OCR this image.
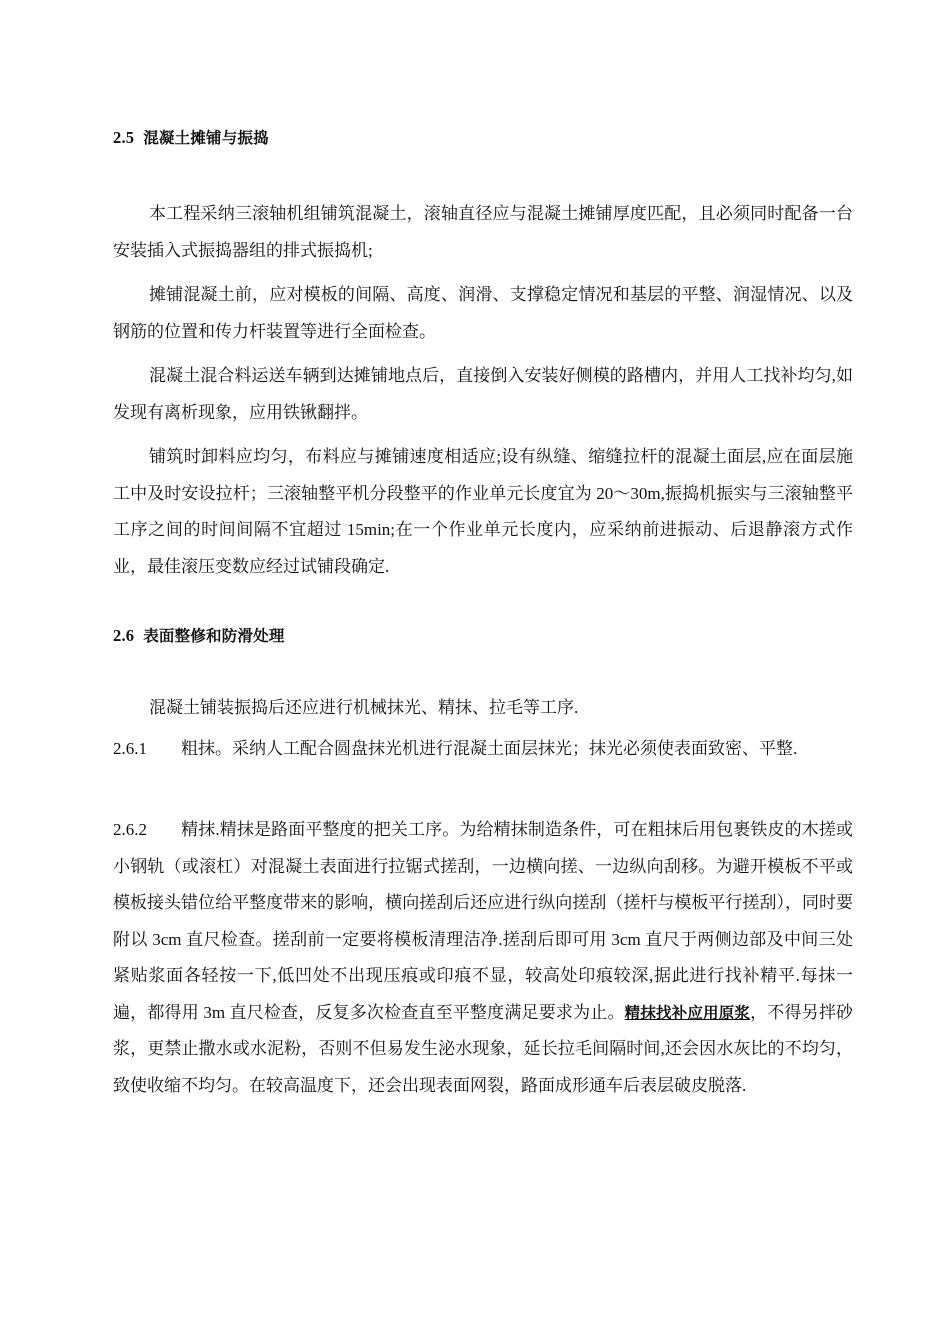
2.5 混凝土摊铺与振捣
本工程采纳三滚轴机组铺筑混凝土，滚轴直径应与混凝土摊铺厚度匹配，且必须同时配备一台安装插入式振捣器组的排式振捣机;
摊铺混凝土前，应对模板的间隔、高度、润滑、支撑稳定情况和基层的平整、润湿情况、以及钢筋的位置和传力杆装置等进行全面检查。
混凝土混合料运送车辆到达摊铺地点后，直接倒入安装好侧模的路槽内，并用人工找补均匀,如发现有离析现象，应用铁锹翻拌。
铺筑时卸料应均匀，布料应与摊铺速度相适应;设有纵缝、缩缝拉杆的混凝土面层,应在面层施工中及时安设拉杆；三滚轴整平机分段整平的作业单元长度宜为 20～30m,振捣机振实与三滚轴整平工序之间的时间间隔不宜超过 15min;在一个作业单元长度内，应采纳前进振动、后退静滚方式作业，最佳滚压变数应经过试铺段确定.
2.6 表面整修和防滑处理
混凝土铺装振捣后还应进行机械抹光、精抹、拉毛等工序.
2.6.1 粗抹。采纳人工配合圆盘抹光机进行混凝土面层抹光；抹光必须使表面致密、平整.
2.6.2 精抹.精抹是路面平整度的把关工序。为给精抹制造条件，可在粗抹后用包裹铁皮的木搓或小钢轨（或滚杠）对混凝土表面进行拉锯式搓刮，一边横向搓、一边纵向刮移。为避开模板不平或模板接头错位给平整度带来的影响，横向搓刮后还应进行纵向搓刮（搓杆与模板平行搓刮），同时要附以 3cm 直尺检查。搓刮前一定要将模板清理洁净.搓刮后即可用 3cm 直尺于两侧边部及中间三处紧贴浆面各轻按一下,低凹处不出现压痕或印痕不显，较高处印痕较深,据此进行找补精平.每抹一遍，都得用 3m 直尺检查，反复多次检查直至平整度满足要求为止。精抹找补应用原浆，不得另拌砂浆，更禁止撒水或水泥粉，否则不但易发生泌水现象，延长拉毛间隔时间,还会因水灰比的不均匀，致使收缩不均匀。在较高温度下，还会出现表面网裂，路面成形通车后表层破皮脱落.
